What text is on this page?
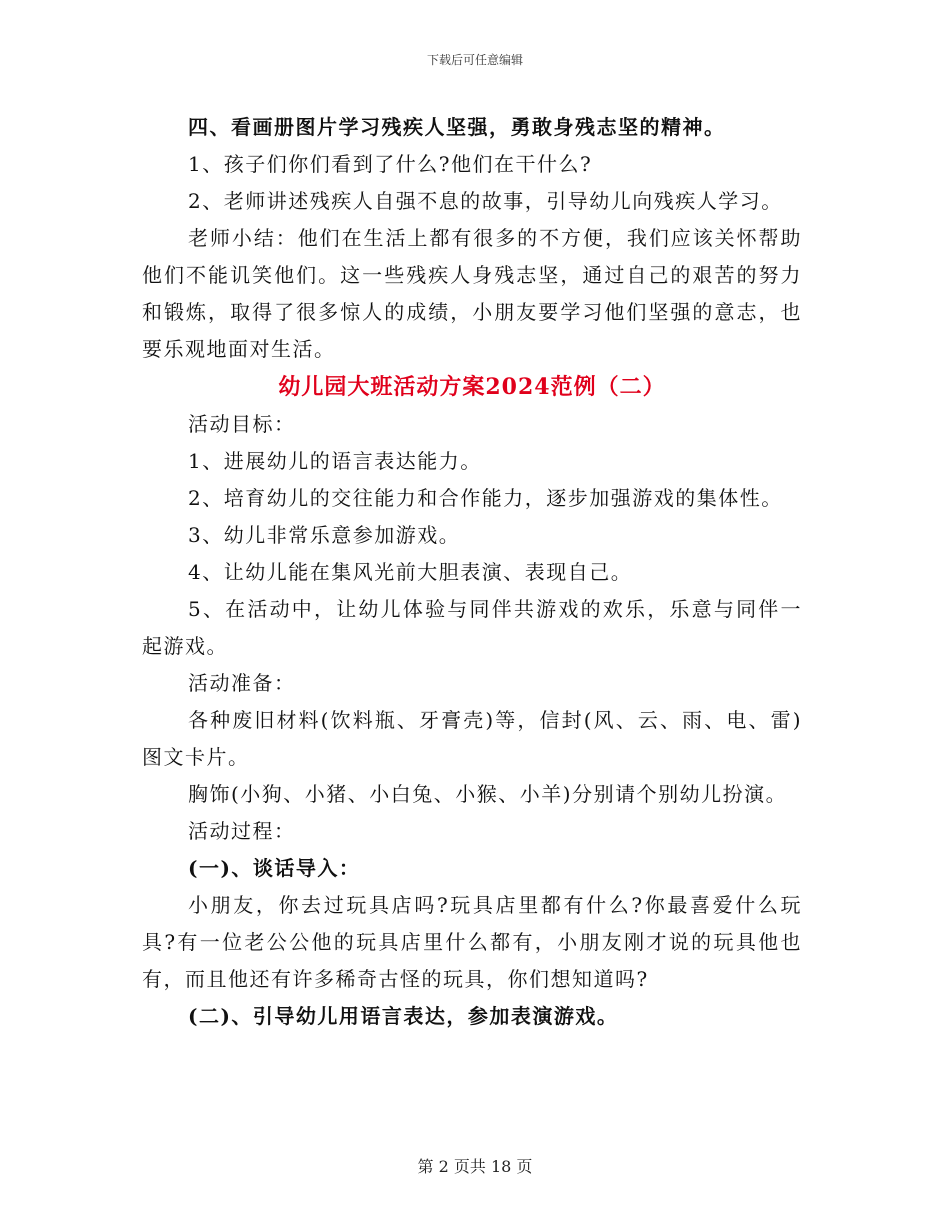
下载后可任意编辑

四、看画册图片学习残疾人坚强，勇敢身残志坚的精神。

1、孩子们你们看到了什么?他们在干什么?

2、老师讲述残疾人自强不息的故事，引导幼儿向残疾人学习。

老师小结：他们在生活上都有很多的不方便，我们应该关怀帮助他们不能讥笑他们。这一些残疾人身残志坚，通过自己的艰苦的努力和锻炼，取得了很多惊人的成绩，小朋友要学习他们坚强的意志，也要乐观地面对生活。

幼儿园大班活动方案2024范例（二）

活动目标：

1、进展幼儿的语言表达能力。

2、培育幼儿的交往能力和合作能力，逐步加强游戏的集体性。

3、幼儿非常乐意参加游戏。

4、让幼儿能在集风光前大胆表演、表现自己。

5、在活动中，让幼儿体验与同伴共游戏的欢乐，乐意与同伴一起游戏。

活动准备：

各种废旧材料(饮料瓶、牙膏壳)等，信封(风、云、雨、电、雷)图文卡片。

胸饰(小狗、小猪、小白兔、小猴、小羊)分别请个别幼儿扮演。

活动过程：

(一)、谈话导入：

小朋友，你去过玩具店吗?玩具店里都有什么?你最喜爱什么玩具?有一位老公公他的玩具店里什么都有，小朋友刚才说的玩具他也有，而且他还有许多稀奇古怪的玩具，你们想知道吗?

(二)、引导幼儿用语言表达，参加表演游戏。

第 2 页共 18 页
